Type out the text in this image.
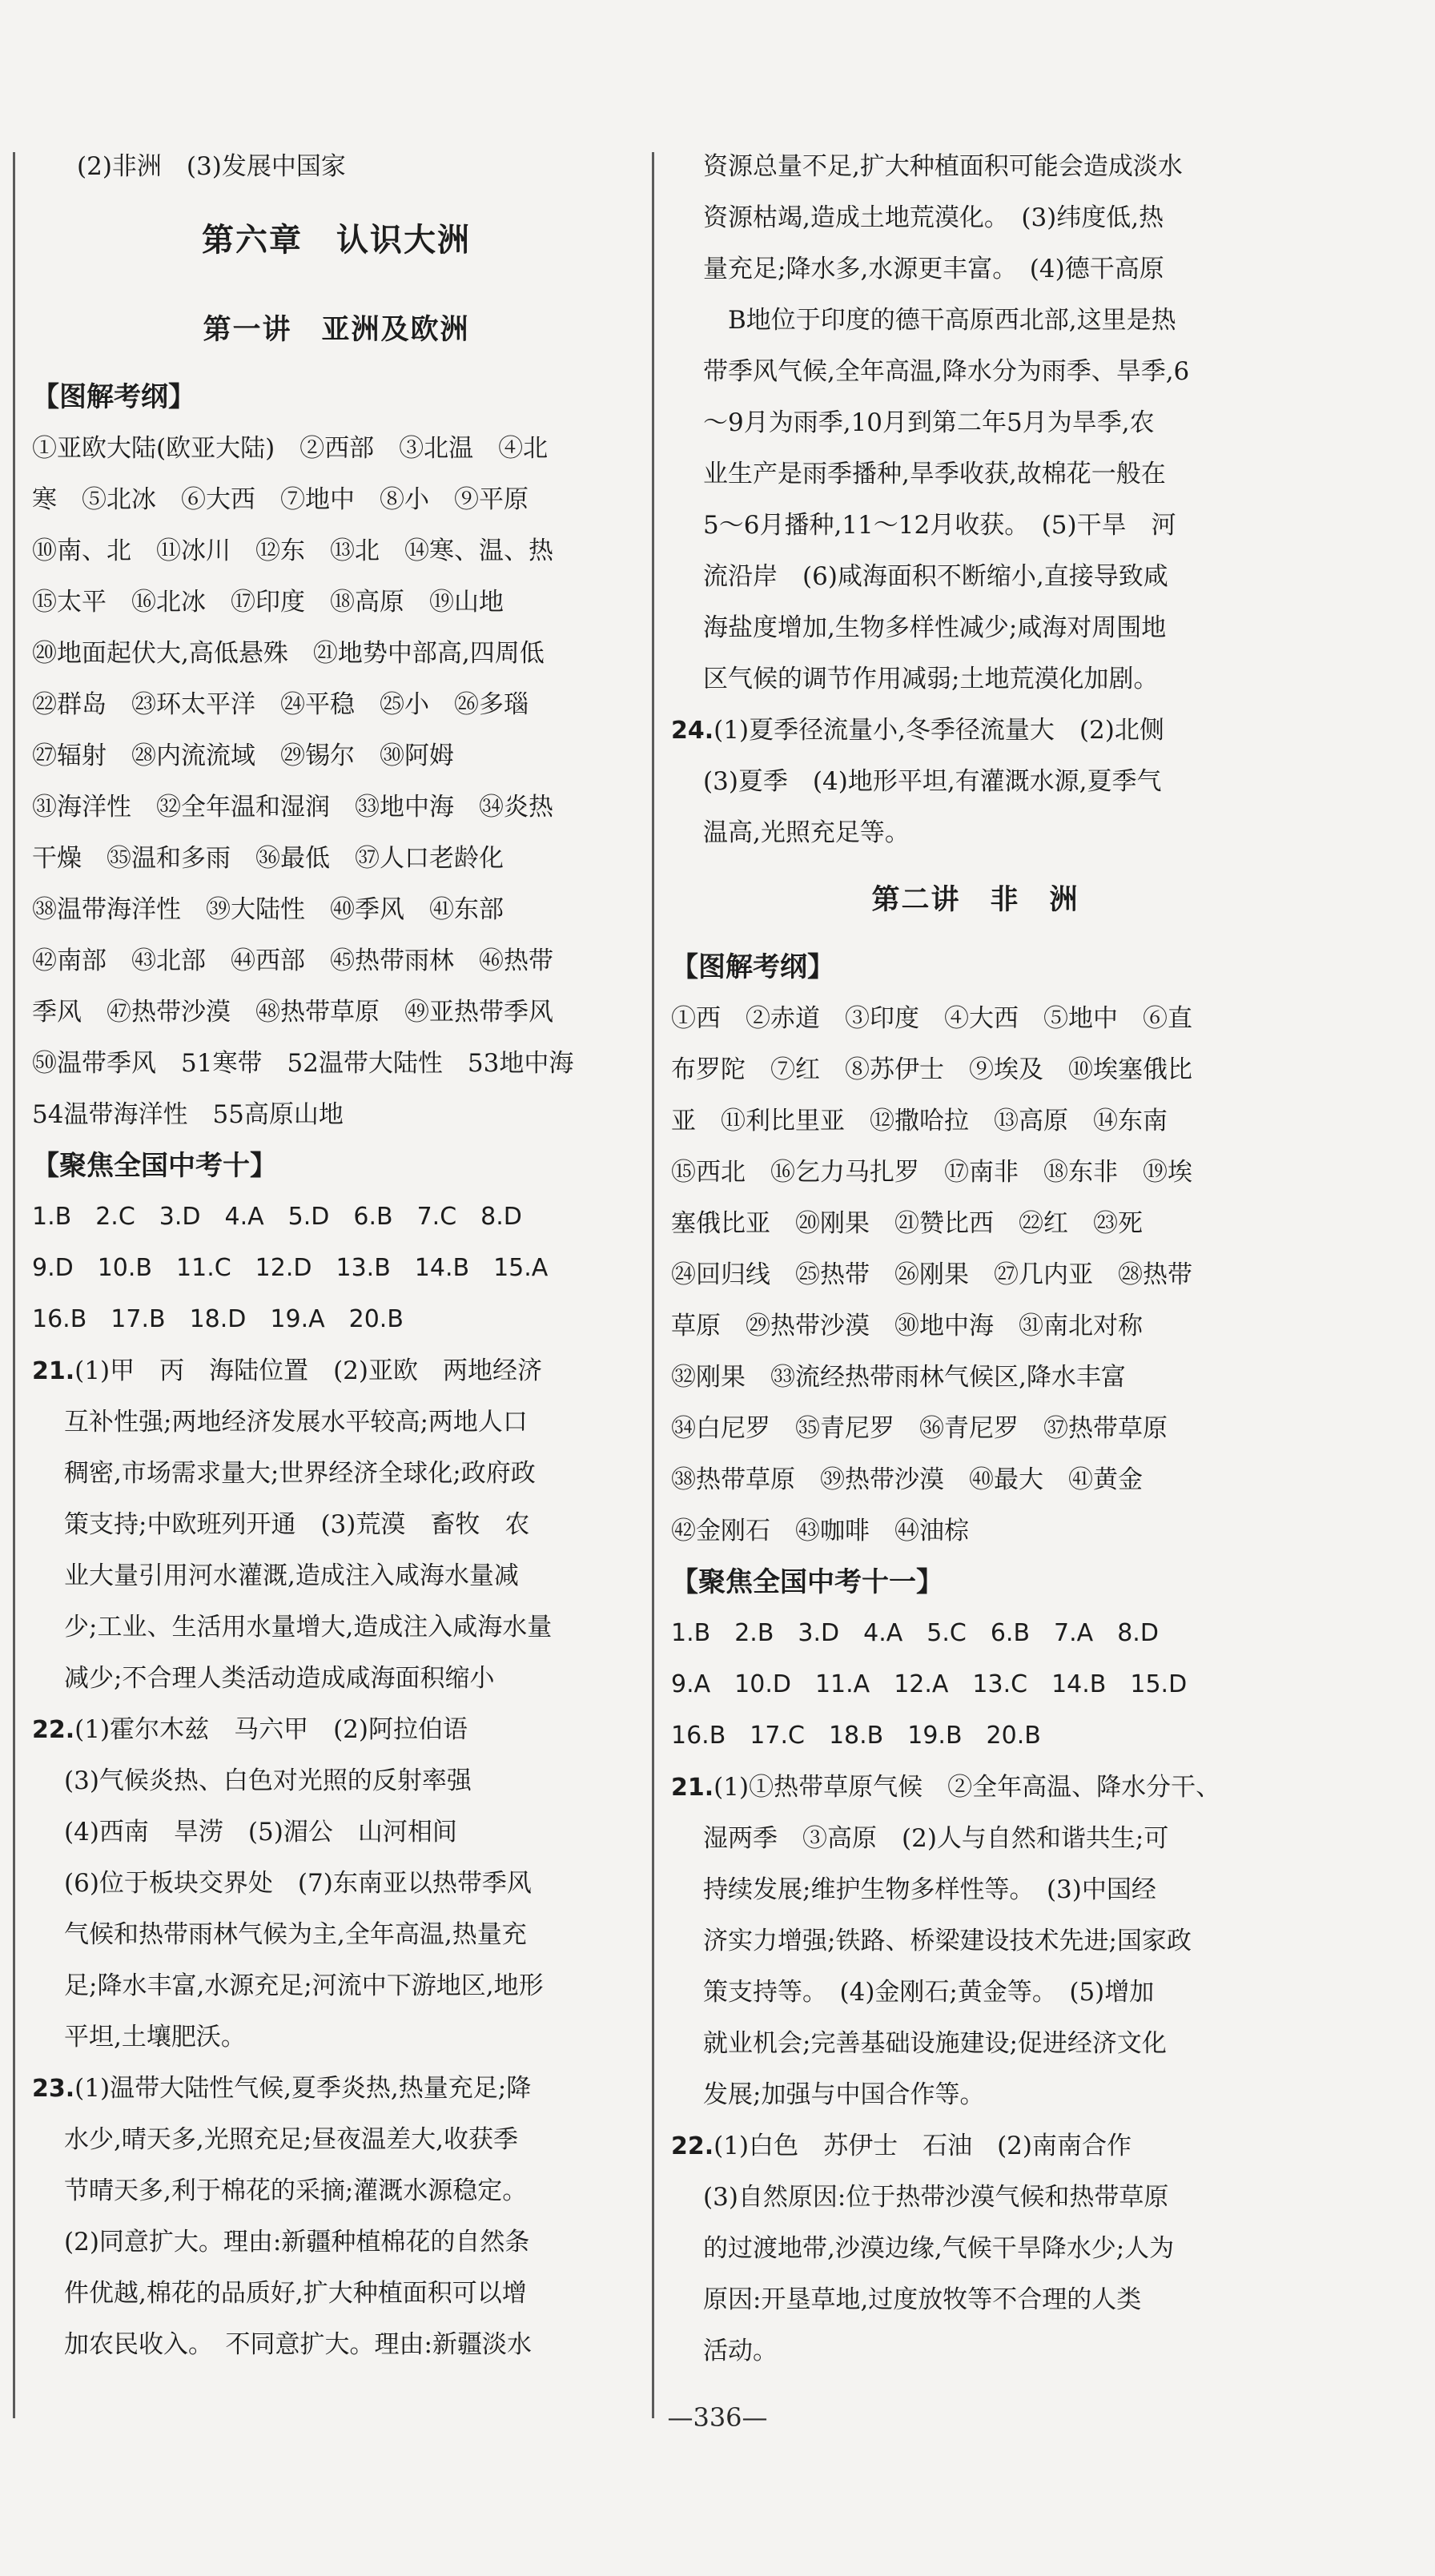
(2)非洲　(3)发展中国家
第六章　认识大洲
第一讲　亚洲及欧洲
【图解考纲】
①亚欧大陆(欧亚大陆)　②西部　③北温　④北
寒　⑤北冰　⑥大西　⑦地中　⑧小　⑨平原
⑩南、北　⑪冰川　⑫东　⑬北　⑭寒、温、热
⑮太平　⑯北冰　⑰印度　⑱高原　⑲山地
⑳地面起伏大,高低悬殊　㉑地势中部高,四周低
㉒群岛　㉓环太平洋　㉔平稳　㉕小　㉖多瑙
㉗辐射　㉘内流流域　㉙锡尔　㉚阿姆
㉛海洋性　㉜全年温和湿润　㉝地中海　㉞炎热
干燥　㉟温和多雨　㊱最低　㊲人口老龄化
㊳温带海洋性　㊴大陆性　㊵季风　㊶东部
㊷南部　㊸北部　㊹西部　㊺热带雨林　㊻热带
季风　㊼热带沙漠　㊽热带草原　㊾亚热带季风
㊿温带季风　51寒带　52温带大陆性　53地中海
54温带海洋性　55高原山地
【聚焦全国中考十】
1.B　2.C　3.D　4.A　5.D　6.B　7.C　8.D
9.D　10.B　11.C　12.D　13.B　14.B　15.A
16.B　17.B　18.D　19.A　20.B
21.(1)甲　丙　海陆位置　(2)亚欧　两地经济
互补性强;两地经济发展水平较高;两地人口
稠密,市场需求量大;世界经济全球化;政府政
策支持;中欧班列开通　(3)荒漠　畜牧　农
业大量引用河水灌溉,造成注入咸海水量减
少;工业、生活用水量增大,造成注入咸海水量
减少;不合理人类活动造成咸海面积缩小
22.(1)霍尔木兹　马六甲　(2)阿拉伯语
(3)气候炎热、白色对光照的反射率强
(4)西南　旱涝　(5)湄公　山河相间
(6)位于板块交界处　(7)东南亚以热带季风
气候和热带雨林气候为主,全年高温,热量充
足;降水丰富,水源充足;河流中下游地区,地形
平坦,土壤肥沃。
23.(1)温带大陆性气候,夏季炎热,热量充足;降
水少,晴天多,光照充足;昼夜温差大,收获季
节晴天多,利于棉花的采摘;灌溉水源稳定。
(2)同意扩大。理由:新疆种植棉花的自然条
件优越,棉花的品质好,扩大种植面积可以增
加农民收入。　不同意扩大。理由:新疆淡水
资源总量不足,扩大种植面积可能会造成淡水
资源枯竭,造成土地荒漠化。　(3)纬度低,热
量充足;降水多,水源更丰富。　(4)德干高原
　B地位于印度的德干高原西北部,这里是热
带季风气候,全年高温,降水分为雨季、旱季,6
～9月为雨季,10月到第二年5月为旱季,农
业生产是雨季播种,旱季收获,故棉花一般在
5～6月播种,11～12月收获。　(5)干旱　河
流沿岸　(6)咸海面积不断缩小,直接导致咸
海盐度增加,生物多样性减少;咸海对周围地
区气候的调节作用减弱;土地荒漠化加剧。
24.(1)夏季径流量小,冬季径流量大　(2)北侧
(3)夏季　(4)地形平坦,有灌溉水源,夏季气
温高,光照充足等。
第二讲　非　洲
【图解考纲】
①西　②赤道　③印度　④大西　⑤地中　⑥直
布罗陀　⑦红　⑧苏伊士　⑨埃及　⑩埃塞俄比
亚　⑪利比里亚　⑫撒哈拉　⑬高原　⑭东南
⑮西北　⑯乞力马扎罗　⑰南非　⑱东非　⑲埃
塞俄比亚　⑳刚果　㉑赞比西　㉒红　㉓死
㉔回归线　㉕热带　㉖刚果　㉗几内亚　㉘热带
草原　㉙热带沙漠　㉚地中海　㉛南北对称
㉜刚果　㉝流经热带雨林气候区,降水丰富
㉞白尼罗　㉟青尼罗　㊱青尼罗　㊲热带草原
㊳热带草原　㊴热带沙漠　㊵最大　㊶黄金
㊷金刚石　㊸咖啡　㊹油棕
【聚焦全国中考十一】
1.B　2.B　3.D　4.A　5.C　6.B　7.A　8.D
9.A　10.D　11.A　12.A　13.C　14.B　15.D
16.B　17.C　18.B　19.B　20.B
21.(1)①热带草原气候　②全年高温、降水分干、
湿两季　③高原　(2)人与自然和谐共生;可
持续发展;维护生物多样性等。　(3)中国经
济实力增强;铁路、桥梁建设技术先进;国家政
策支持等。　(4)金刚石;黄金等。　(5)增加
就业机会;完善基础设施建设;促进经济文化
发展;加强与中国合作等。
22.(1)白色　苏伊士　石油　(2)南南合作
(3)自然原因:位于热带沙漠气候和热带草原
的过渡地带,沙漠边缘,气候干旱降水少;人为
原因:开垦草地,过度放牧等不合理的人类
活动。
—336—
